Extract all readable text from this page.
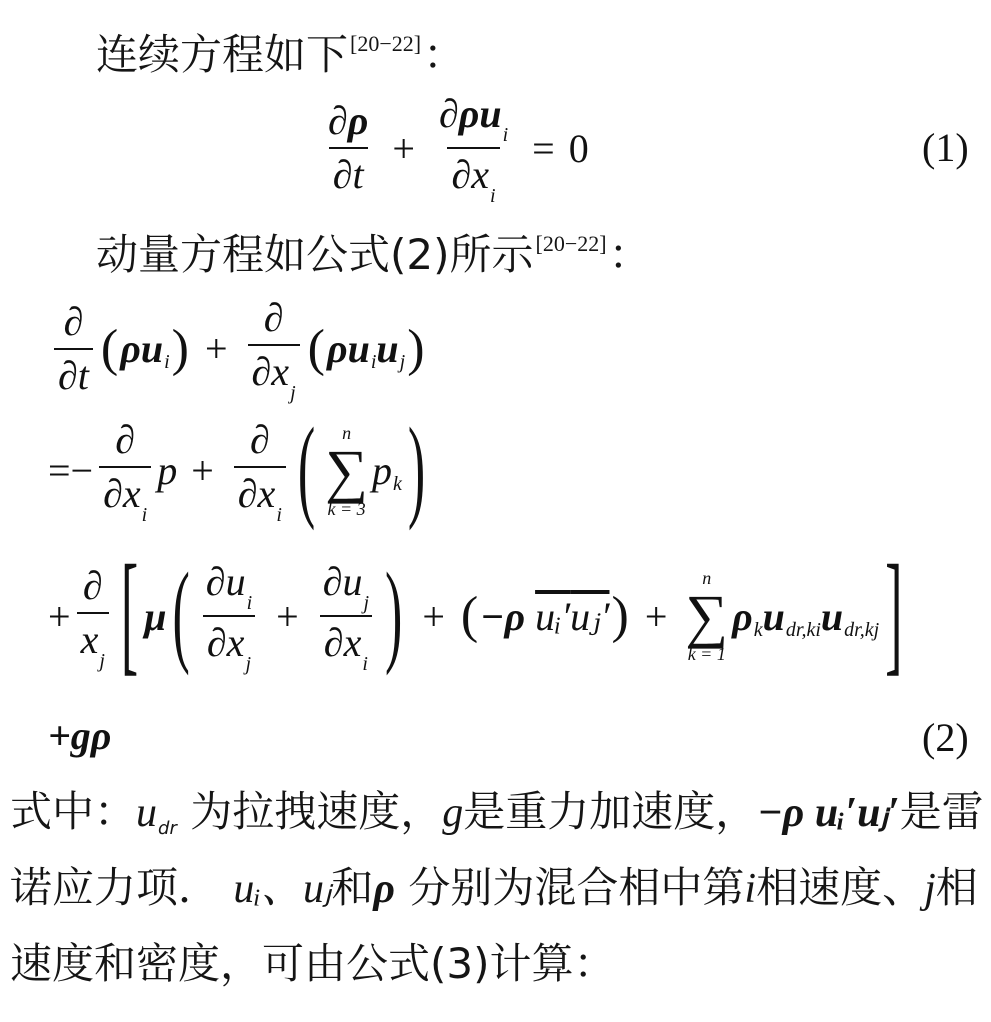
连续方程如下[20−22]：
$\frac{\partial\rho}{\partial t} + \frac{\partial\rho u_i}{\partial x_i} = 0$	(1)
动量方程如公式(2)所示[20−22]：
$\frac{\partial}{\partial t}$ ( ρ u i ) + $\frac{\partial}{\partial x_j}$ ( ρ u i u j )
=− $\frac{\partial}{\partial x_i}$ $p + \frac{\partial}{\partial x_i}$ ( n
∑
k = 3
p k )
+ $\frac{\partial}{x_j}$ [ μ ( $\frac{\partial u_i}{\partial x_j} + \frac{\partial u_j}{\partial x_i}$ ) + ( −ρ
uᵢ′uⱼ′ ) +
n
∑
k = 1
ρ k u dr,ki u dr,kj ]
+gρ	(2)
式中：udr 为拉拽速度，g是重力加速度，−ρ uᵢ′uⱼ′是雷
诺应力项． uᵢ、uⱼ和ρ 分别为混合相中第i相速度、j相
速度和密度，可由公式(3)计算：
